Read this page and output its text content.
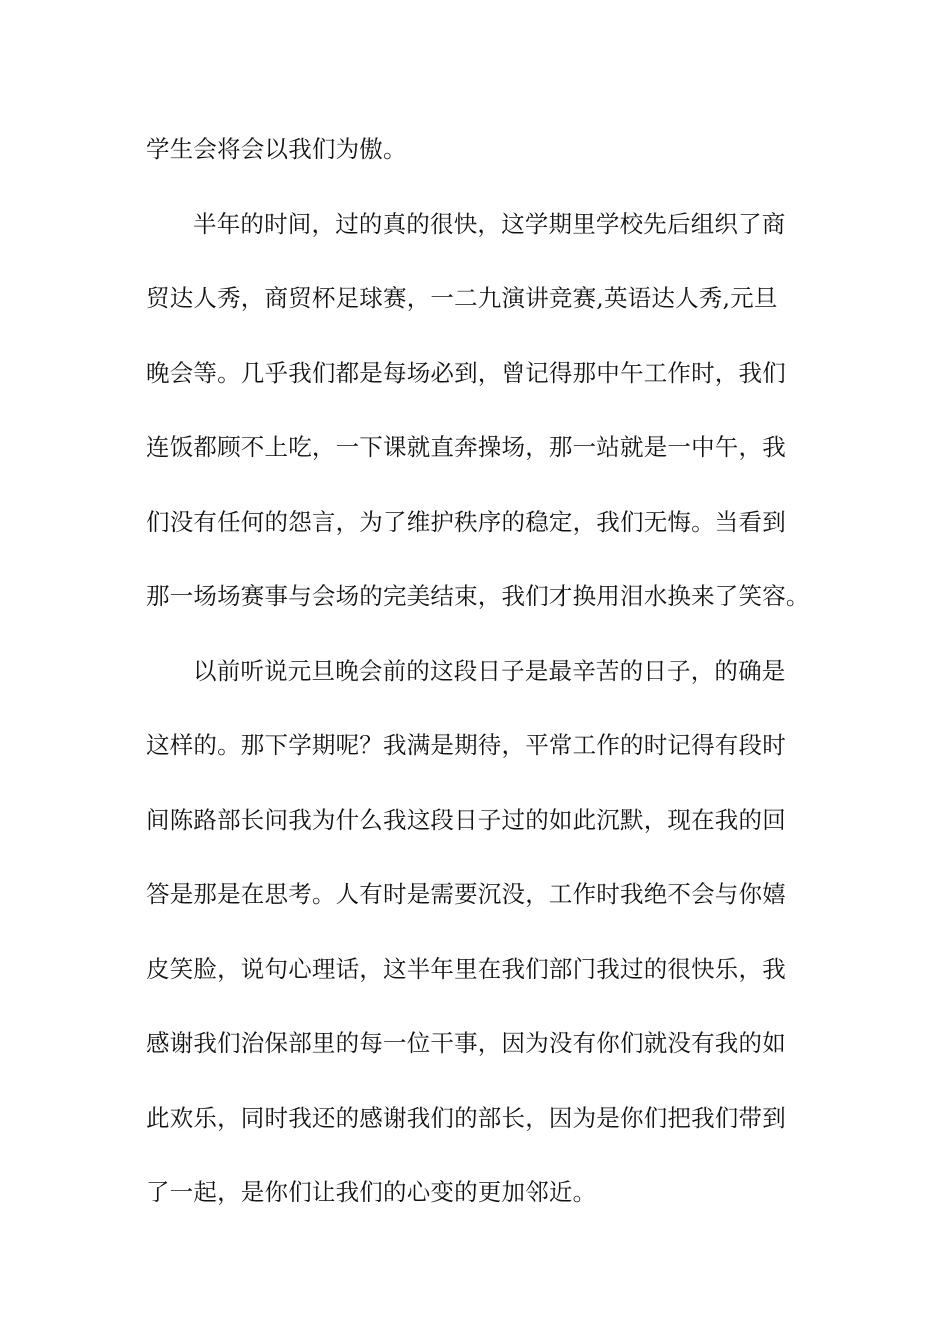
学生会将会以我们为傲。
半年的时间，过的真的很快，这学期里学校先后组织了商
贸达人秀，商贸杯足球赛，一二九演讲竞赛,英语达人秀,元旦
晚会等。几乎我们都是每场必到，曾记得那中午工作时，我们
连饭都顾不上吃，一下课就直奔操场，那一站就是一中午，我
们没有任何的怨言，为了维护秩序的稳定，我们无悔。当看到
那一场场赛事与会场的完美结束，我们才换用泪水换来了笑容。
以前听说元旦晚会前的这段日子是最辛苦的日子，的确是
这样的。那下学期呢？我满是期待，平常工作的时记得有段时
间陈路部长问我为什么我这段日子过的如此沉默，现在我的回
答是那是在思考。人有时是需要沉没，工作时我绝不会与你嬉
皮笑脸，说句心理话，这半年里在我们部门我过的很快乐，我
感谢我们治保部里的每一位干事，因为没有你们就没有我的如
此欢乐，同时我还的感谢我们的部长，因为是你们把我们带到
了一起，是你们让我们的心变的更加邻近。
